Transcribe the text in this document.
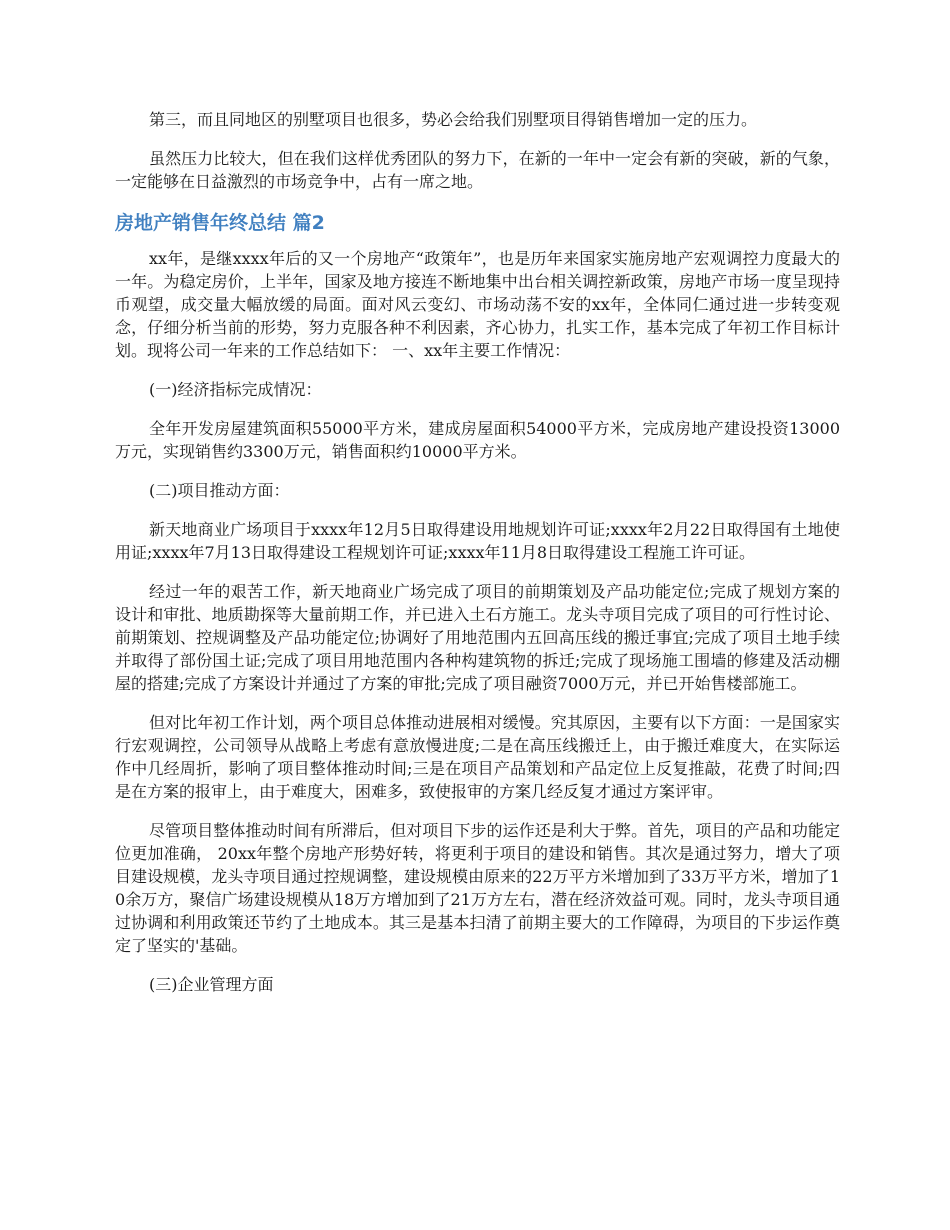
第三，而且同地区的别墅项目也很多，势必会给我们别墅项目得销售增加一定的压力。

虽然压力比较大，但在我们这样优秀团队的努力下，在新的一年中一定会有新的突破，新的气象，一定能够在日益激烈的市场竞争中，占有一席之地。

房地产销售年终总结 篇2

xx年，是继xxxx年后的又一个房地产“政策年”，也是历年来国家实施房地产宏观调控力度最大的一年。为稳定房价，上半年，国家及地方接连不断地集中出台相关调控新政策，房地产市场一度呈现持币观望，成交量大幅放缓的局面。面对风云变幻、市场动荡不安的xx年，全体同仁通过进一步转变观念，仔细分析当前的形势，努力克服各种不利因素，齐心协力，扎实工作，基本完成了年初工作目标计划。现将公司一年来的工作总结如下： 一、xx年主要工作情况：

(一)经济指标完成情况：

全年开发房屋建筑面积55000平方米，建成房屋面积54000平方米，完成房地产建设投资13000万元，实现销售约3300万元，销售面积约10000平方米。

(二)项目推动方面：

新天地商业广场项目于xxxx年12月5日取得建设用地规划许可证;xxxx年2月22日取得国有土地使用证;xxxx年7月13日取得建设工程规划许可证;xxxx年11月8日取得建设工程施工许可证。

经过一年的艰苦工作，新天地商业广场完成了项目的前期策划及产品功能定位;完成了规划方案的设计和审批、地质勘探等大量前期工作，并已进入土石方施工。龙头寺项目完成了项目的可行性讨论、前期策划、控规调整及产品功能定位;协调好了用地范围内五回高压线的搬迁事宜;完成了项目土地手续并取得了部份国土证;完成了项目用地范围内各种构建筑物的拆迁;完成了现场施工围墙的修建及活动棚屋的搭建;完成了方案设计并通过了方案的审批;完成了项目融资7000万元，并已开始售楼部施工。

但对比年初工作计划，两个项目总体推动进展相对缓慢。究其原因，主要有以下方面：一是国家实行宏观调控，公司领导从战略上考虑有意放慢进度;二是在高压线搬迁上，由于搬迁难度大，在实际运作中几经周折，影响了项目整体推动时间;三是在项目产品策划和产品定位上反复推敲，花费了时间;四是在方案的报审上，由于难度大，困难多，致使报审的方案几经反复才通过方案评审。

尽管项目整体推动时间有所滞后，但对项目下步的运作还是利大于弊。首先，项目的产品和功能定位更加准确， 20xx年整个房地产形势好转，将更利于项目的建设和销售。其次是通过努力，增大了项目建设规模，龙头寺项目通过控规调整，建设规模由原来的22万平方米增加到了33万平方米，增加了10余万方，聚信广场建设规模从18万方增加到了21万方左右，潜在经济效益可观。同时，龙头寺项目通过协调和利用政策还节约了土地成本。其三是基本扫清了前期主要大的工作障碍，为项目的下步运作奠定了坚实的'基础。

(三)企业管理方面
